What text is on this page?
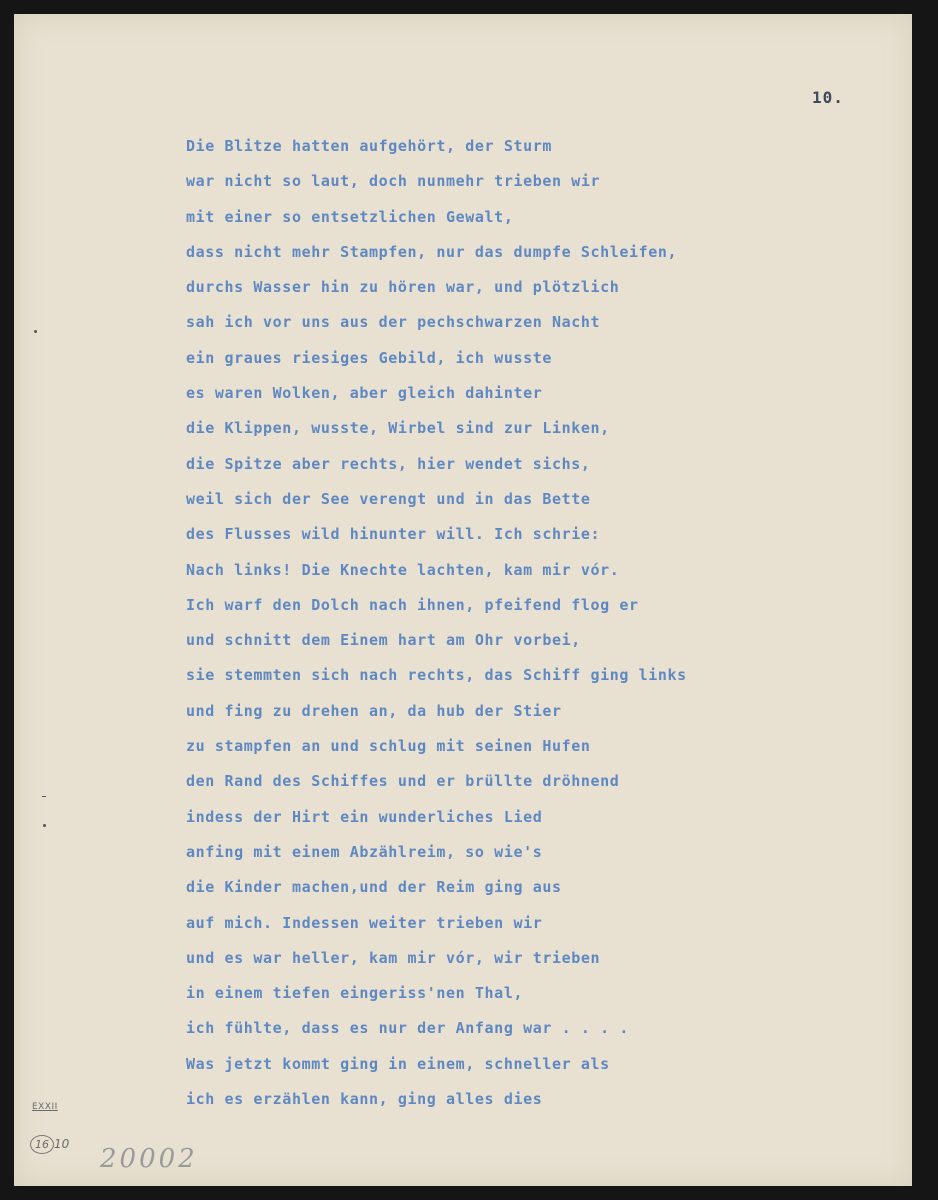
10.
Die Blitze hatten aufgehört, der Sturm
war nicht so laut, doch nunmehr trieben wir
mit einer so entsetzlichen Gewalt,
dass nicht mehr Stampfen, nur das dumpfe Schleifen,
durchs Wasser hin zu hören war, und plötzlich
sah ich vor uns aus der pechschwarzen Nacht
ein graues riesiges Gebild, ich wusste
es waren Wolken, aber gleich dahinter
die Klippen, wusste, Wirbel sind zur Linken,
die Spitze aber rechts, hier wendet sichs,
weil sich der See verengt und in das Bette
des Flusses wild hinunter will. Ich schrie:
Nach links! Die Knechte lachten, kam mir vór.
Ich warf den Dolch nach ihnen, pfeifend flog er
und schnitt dem Einem hart am Ohr vorbei,
sie stemmten sich nach rechts, das Schiff ging links
und fing zu drehen an, da hub der Stier
zu stampfen an und schlug mit seinen Hufen
den Rand des Schiffes und er brüllte dröhnend
indess der Hirt ein wunderliches Lied
anfing mit einem Abzählreim, so wie's
die Kinder machen,und der Reim ging aus
auf mich. Indessen weiter trieben wir
und es war heller, kam mir vór, wir trieben
in einem tiefen eingeriss'nen Thal,
ich fühlte, dass es nur der Anfang war . . . .
Was jetzt kommt ging in einem, schneller als
ich es erzählen kann, ging alles dies
EXXII
16 10 20002
